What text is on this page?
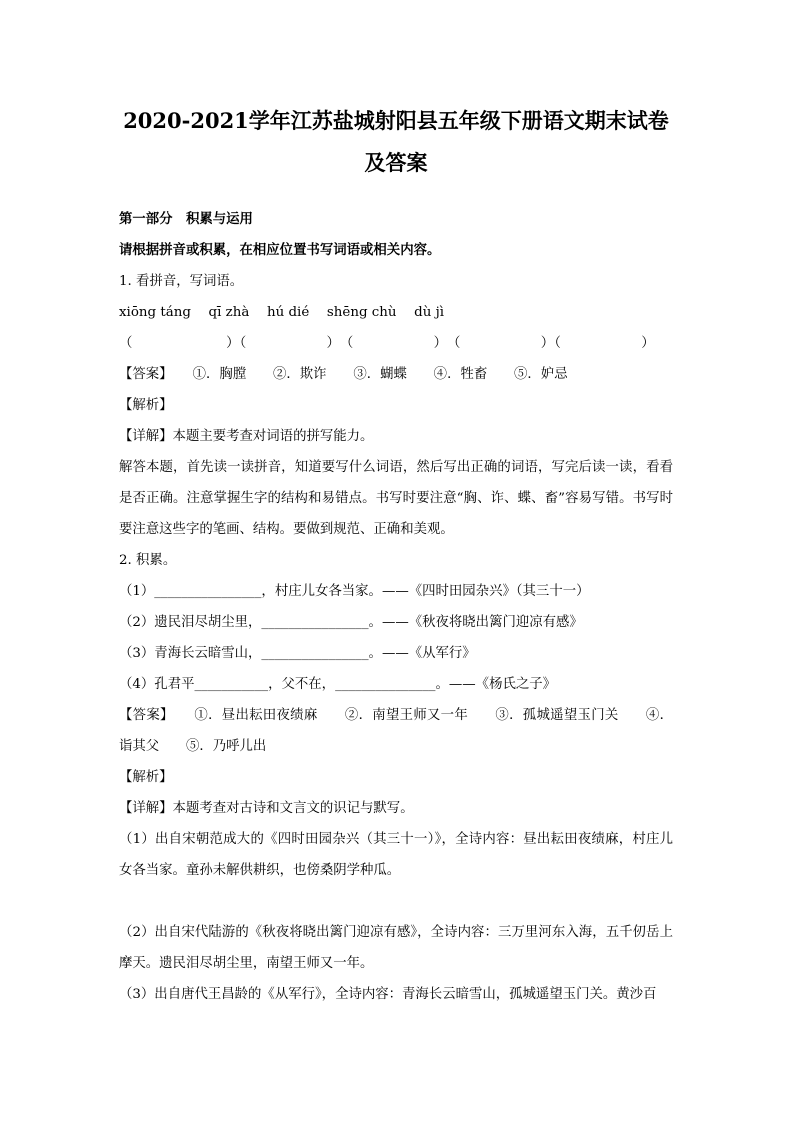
2020-2021学年江苏盐城射阳县五年级下册语文期末试卷及答案

第一部分　积累与运用

请根据拼音或积累，在相应位置书写词语或相关内容。

1. 看拼音，写词语。

xiōng táng　 qī zhà　 hú dié　 shēng chù　 dù jì

（　　　　　　　）（　　　　　　）　（　　　　　　）　（　　　　　　）（　　　　　　）

【答案】　　①．胸膛　　②．欺诈　　③．蝴蝶　　④．牲畜　　⑤．妒忌

【解析】

【详解】本题主要考查对词语的拼写能力。

解答本题，首先读一读拼音，知道要写什么词语，然后写出正确的词语，写完后读一读，看看是否正确。注意掌握生字的结构和易错点。书写时要注意“胸、诈、蝶、畜”容易写错。书写时要注意这些字的笔画、结构。要做到规范、正确和美观。

2. 积累。

（1）________________，村庄儿女各当家。——《四时田园杂兴》（其三十一）

（2）遗民泪尽胡尘里，________________。——《秋夜将晓出篱门迎凉有感》

（3）青海长云暗雪山，________________。——《从军行》

（4）孔君平___________，父不在，_______________。——《杨氏之子》

【答案】　　①．昼出耘田夜绩麻　　②．南望王师又一年　　③．孤城遥望玉门关　　④．诣其父　　⑤．乃呼儿出

【解析】

【详解】本题考查对古诗和文言文的识记与默写。

（1）出自宋朝范成大的《四时田园杂兴（其三十一）》，全诗内容：昼出耘田夜绩麻，村庄儿女各当家。童孙未解供耕织，也傍桑阴学种瓜。

（2）出自宋代陆游的《秋夜将晓出篱门迎凉有感》，全诗内容：三万里河东入海，五千仞岳上摩天。遗民泪尽胡尘里，南望王师又一年。

（3）出自唐代王昌龄的《从军行》，全诗内容：青海长云暗雪山，孤城遥望玉门关。黄沙百
